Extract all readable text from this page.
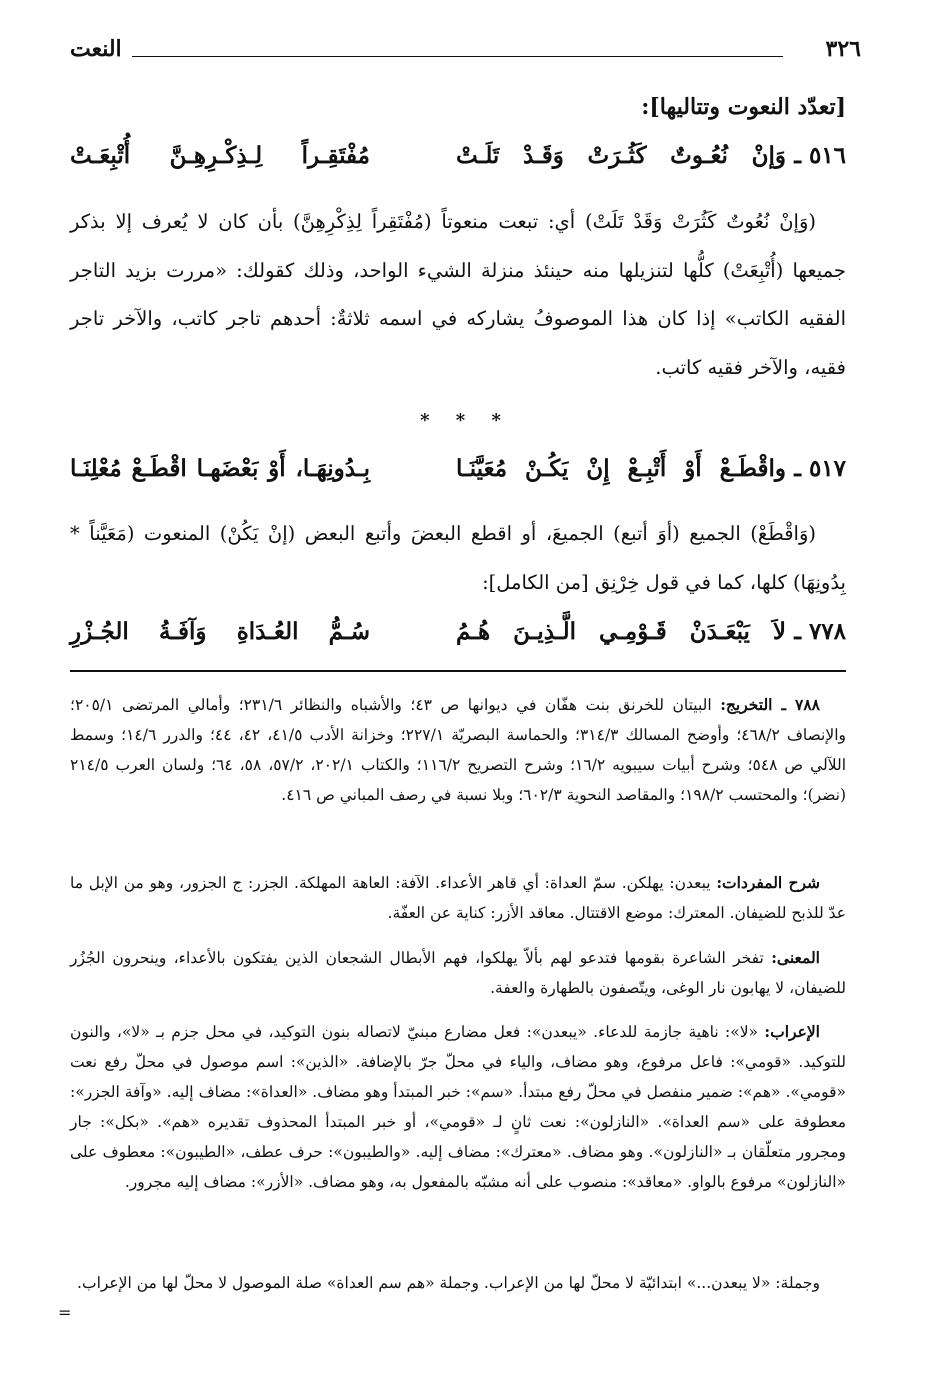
٣٢٦
النعت
[تعدّد النعوت وتتاليها]:
٥١٦ ـ
وَإنْ نُعُـوتٌ كَثُـرَتْ وَقَـدْ تَلَـتْ
مُفْتَقِـراً لِـذِكْـرِهِـنَّ أُتْبِعَـتْ

(وَإنْ نُعُوتٌ كَثُرَتْ وَقَدْ تَلَتْ) أي: تبعت منعوتاً (مُفْتَقِراً لِذِكْرِهِنَّ) بأن كان لا يُعرف إلا بذكر جميعها (أُتْبِعَتْ) كلُّها لتنزيلها منه حينئذ منزلة الشيء الواحد، وذلك كقولك: «مررت بزيد التاجر الفقيه الكاتب» إذا كان هذا الموصوفُ يشاركه في اسمه ثلاثةٌ: أحدهم تاجر كاتب، والآخر تاجر فقيه، والآخر فقيه كاتب.

* * *
٥١٧ ـ
واقْطَـعْ أَوْ أَتْبِـعْ إِنْ يَكُـنْ مُعَيَّنَـا
بِـدُونِهَـا، أَوْ بَعْضَهـا اقْطَـعْ مُعْلِنَـا

(وَاقْطَعْ) الجميع (أوَ أتبع) الجميعَ، أو اقطع البعضَ وأتبع البعض (إنْ يَكُنْ) المنعوت (مَعَيَّناً * بِدُونِهَا) كلها، كما في قول خِرْنِق [من الكامل]:

٧٧٨ ـ
لاَ يَبْعَـدَنْ قَـوْمِـي الَّـذِيـنَ هُـمُ
سُـمُّ العُـدَاةِ وَآفَـةُ الجُـزْرِ

٧٨٨ ـ التخريج: البيتان للخرنق بنت هفّان في ديوانها ص ٤٣؛ والأشباه والنظائر ٢٣١/٦؛ وأمالي المرتضى ٢٠٥/١؛ والإنصاف ٤٦٨/٢؛ وأوضح المسالك ٣١٤/٣؛ والحماسة البصريّة ٢٢٧/١؛ وخزانة الأدب ٤١/٥، ٤٢، ٤٤؛ والدرر ١٤/٦؛ وسمط اللآلي ص ٥٤٨؛ وشرح أبيات سيبويه ١٦/٢؛ وشرح التصريح ١١٦/٢؛ والكتاب ٢٠٢/١، ٥٧/٢، ٥٨، ٦٤؛ ولسان العرب ٢١٤/٥ (نضر)؛ والمحتسب ١٩٨/٢؛ والمقاصد النحوية ٦٠٢/٣؛ وبلا نسبة في رصف المباني ص ٤١٦.

شرح المفردات: يبعدن: يهلكن. سمّ العداة: أي قاهر الأعداء. الآفة: العاهة المهلكة. الجزر: ج الجزور، وهو من الإبل ما عدّ للذبح للضيفان. المعترك: موضع الاقتتال. معاقد الأزر: كناية عن العفّة.

المعنى: تفخر الشاعرة بقومها فتدعو لهم بألاّ يهلكوا، فهم الأبطال الشجعان الذين يفتكون بالأعداء، وينحرون الجُزُر للضيفان، لا يهابون نار الوغى، ويتّصفون بالطهارة والعفة.

الإعراب: «لا»: ناهية جازمة للدعاء. «يبعدن»: فعل مضارع مبنيّ لاتصاله بنون التوكيد، في محل جزم بـ «لا»، والنون للتوكيد. «قومي»: فاعل مرفوع، وهو مضاف، والياء في محلّ جرّ بالإضافة. «الذين»: اسم موصول في محلّ رفع نعت «قومي». «هم»: ضمير منفصل في محلّ رفع مبتدأ. «سم»: خبر المبتدأ وهو مضاف. «العداة»: مضاف إليه. «وآفة الجزر»: معطوفة على «سم العداة». «النازلون»: نعت ثانٍ لـ «قومي»، أو خبر المبتدأ المحذوف تقديره «هم». «بكل»: جار ومجرور متعلّقان بـ «النازلون». وهو مضاف. «معترك»: مضاف إليه. «والطيبون»: حرف عطف، «الطيبون»: معطوف على «النازلون» مرفوع بالواو. «معاقد»: منصوب على أنه مشبّه بالمفعول به، وهو مضاف. «الأزر»: مضاف إليه مجرور.

وجملة: «لا يبعدن...» ابتدائيّة لا محلّ لها من الإعراب. وجملة «هم سم العداة» صلة الموصول لا محلّ لها من الإعراب.

=
